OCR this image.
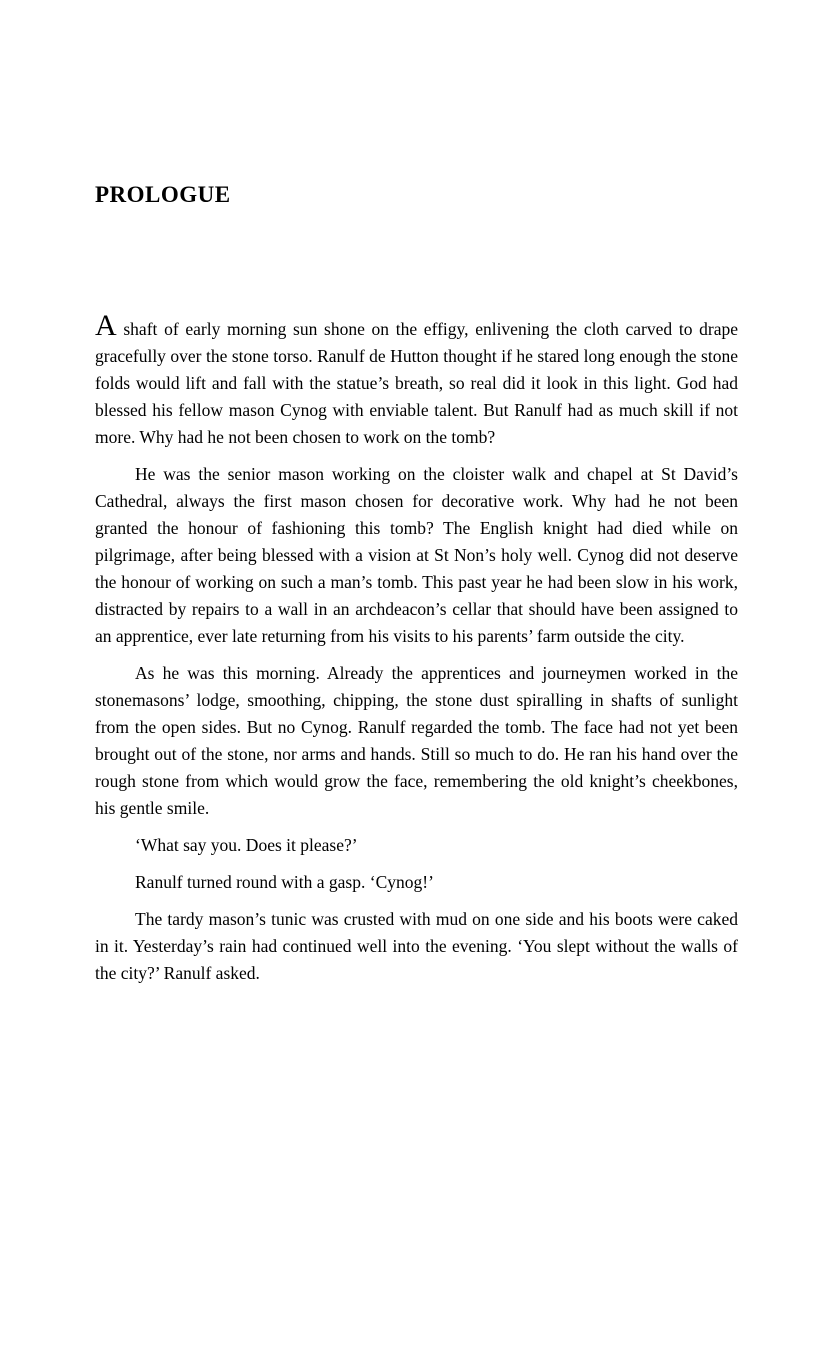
PROLOGUE

A shaft of early morning sun shone on the effigy, enlivening the cloth carved to drape gracefully over the stone torso. Ranulf de Hutton thought if he stared long enough the stone folds would lift and fall with the statue’s breath, so real did it look in this light. God had blessed his fellow mason Cynog with enviable talent. But Ranulf had as much skill if not more. Why had he not been chosen to work on the tomb?

He was the senior mason working on the cloister walk and chapel at St David’s Cathedral, always the first mason chosen for decorative work. Why had he not been granted the honour of fashioning this tomb? The English knight had died while on pilgrimage, after being blessed with a vision at St Non’s holy well. Cynog did not deserve the honour of working on such a man’s tomb. This past year he had been slow in his work, distracted by repairs to a wall in an archdeacon’s cellar that should have been assigned to an apprentice, ever late returning from his visits to his parents’ farm outside the city.

As he was this morning. Already the apprentices and journeymen worked in the stonemasons’ lodge, smoothing, chipping, the stone dust spiralling in shafts of sunlight from the open sides. But no Cynog. Ranulf regarded the tomb. The face had not yet been brought out of the stone, nor arms and hands. Still so much to do. He ran his hand over the rough stone from which would grow the face, remembering the old knight’s cheekbones, his gentle smile.

‘What say you. Does it please?’

Ranulf turned round with a gasp. ‘Cynog!’

The tardy mason’s tunic was crusted with mud on one side and his boots were caked in it. Yesterday’s rain had continued well into the evening. ‘You slept without the walls of the city?’ Ranulf asked.
